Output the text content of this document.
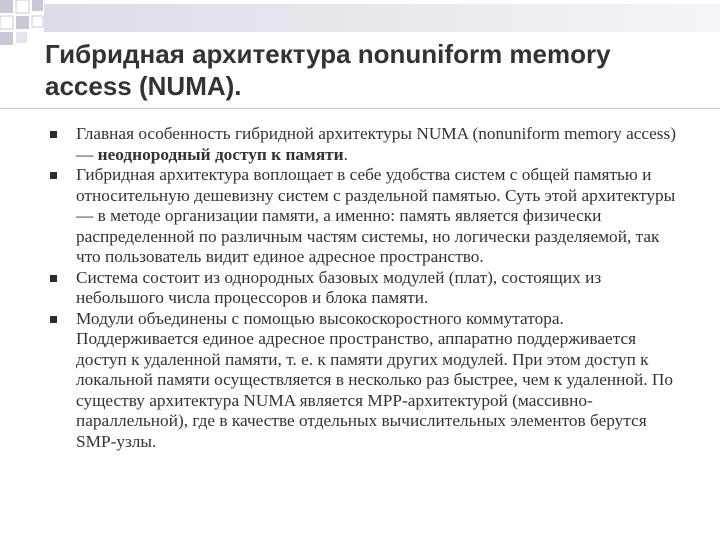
Гибридная архитектура nonuniform memory access (NUMA).
Главная особенность гибридной архитектуры NUMA (nonuniform memory access) — неоднородный доступ к памяти.
Гибридная архитектура воплощает в себе удобства систем с общей памятью и относительную дешевизну систем с раздельной памятью. Суть этой архитектуры — в методе организации памяти, а именно: память является физически распределенной по различным частям системы, но логически разделяемой, так что пользователь видит единое адресное пространство.
Система состоит из однородных базовых модулей (плат), состоящих из небольшого числа процессоров и блока памяти.
Модули объединены с помощью высокоскоростного коммутатора. Поддерживается единое адресное пространство, аппаратно поддерживается доступ к удаленной памяти, т. е. к памяти других модулей. При этом доступ к локальной памяти осуществляется в несколько раз быстрее, чем к удаленной. По существу архитектура NUMA является MPP-архитектурой (массивно-параллельной), где в качестве отдельных вычислительных элементов берутся SMP-узлы.
